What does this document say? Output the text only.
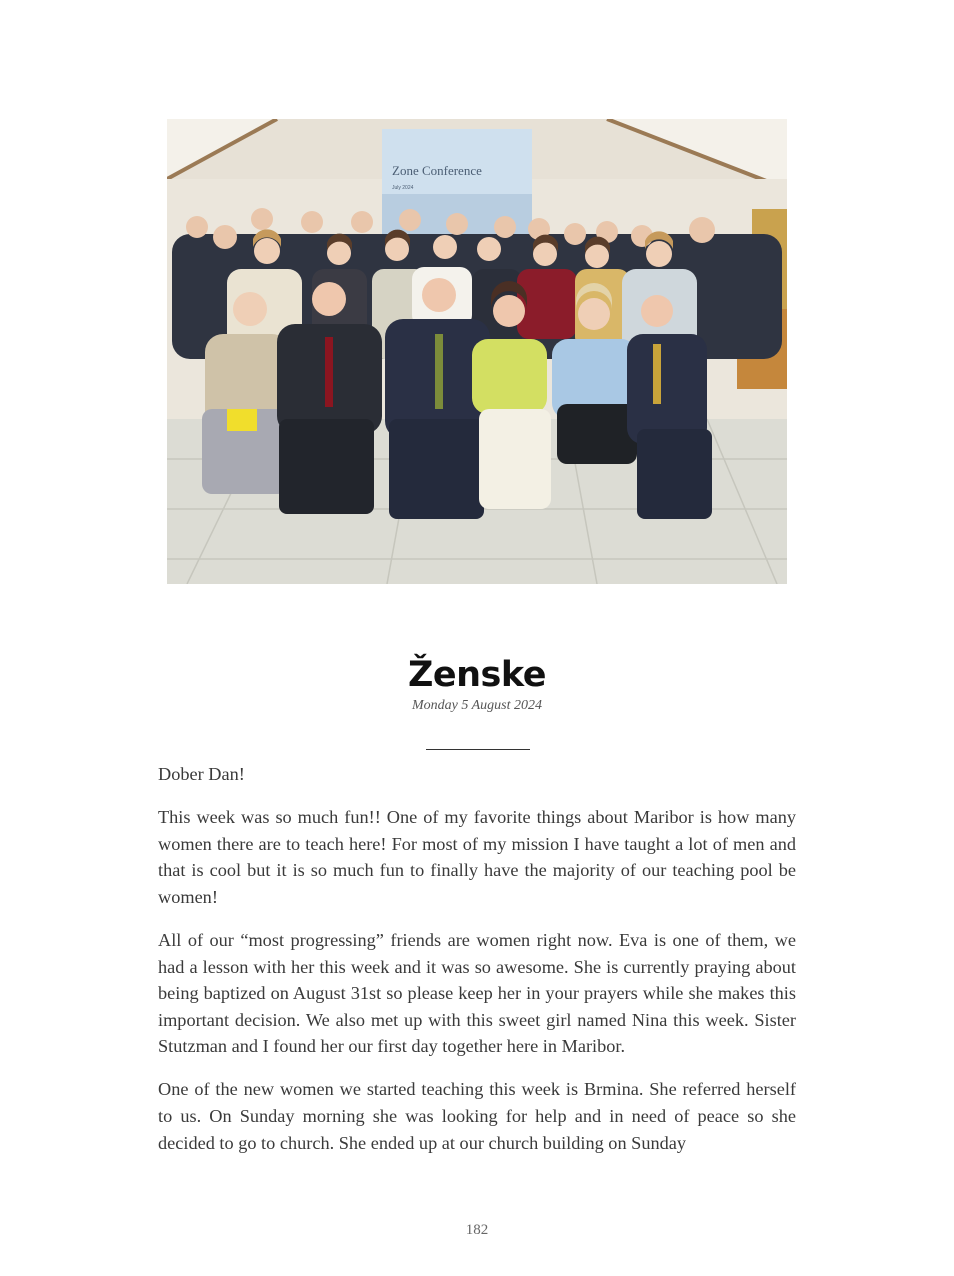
Zone Conference
July 2024
Ženske
Monday 5 August 2024

Dober Dan!

This week was so much fun!! One of my favorite things about Maribor is how many women there are to teach here! For most of my mission I have taught a lot of men and that is cool but it is so much fun to finally have the majority of our teaching pool be women!

All of our “most progressing” friends are women right now. Eva is one of them, we had a lesson with her this week and it was so awesome. She is currently praying about being baptized on August 31st so please keep her in your prayers while she makes this important decision. We also met up with this sweet girl named Nina this week. Sister Stutzman and I found her our first day together here in Maribor.

One of the new women we started teaching this week is Brmina. She referred herself to us. On Sunday morning she was looking for help and in need of peace so she decided to go to church. She ended up at our church building on Sunday

182
